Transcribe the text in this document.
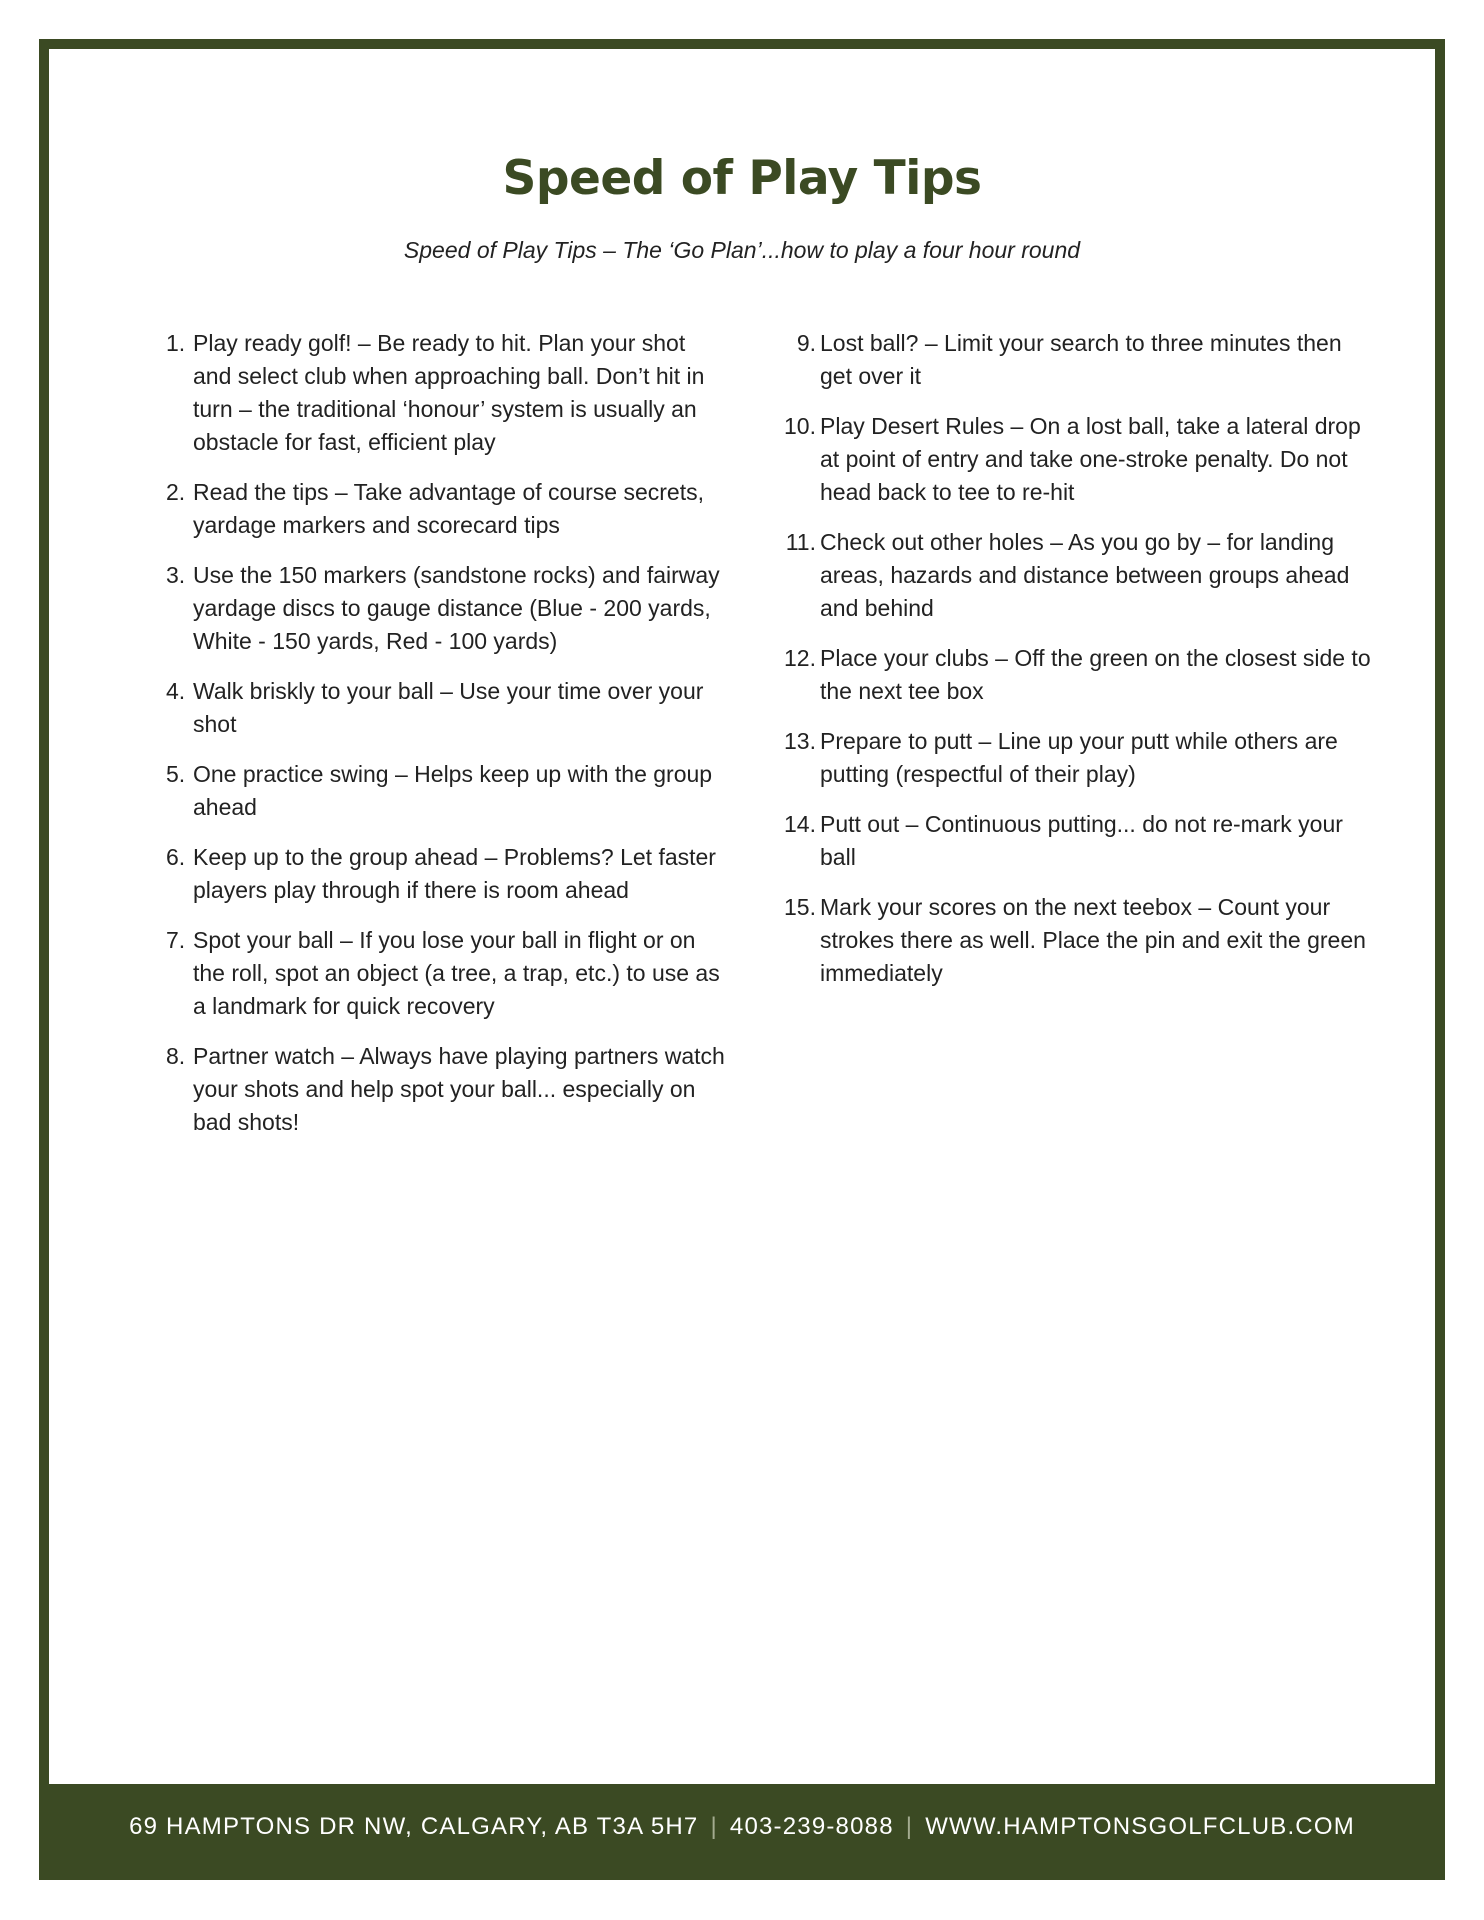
Speed of Play Tips

Speed of Play Tips – The ‘Go Plan’...how to play a four hour round

1. Play ready golf! – Be ready to hit. Plan your shot and select club when approaching ball. Don’t hit in turn – the traditional ‘honour’ system is usually an obstacle for fast, efficient play
2. Read the tips – Take advantage of course secrets, yardage markers and scorecard tips
3. Use the 150 markers (sandstone rocks) and fairway yardage discs to gauge distance (Blue - 200 yards, White - 150 yards, Red - 100 yards)
4. Walk briskly to your ball – Use your time over your shot
5. One practice swing – Helps keep up with the group ahead
6. Keep up to the group ahead – Problems? Let faster players play through if there is room ahead
7. Spot your ball – If you lose your ball in flight or on the roll, spot an object (a tree, a trap, etc.) to use as a landmark for quick recovery
8. Partner watch – Always have playing partners watch your shots and help spot your ball... especially on bad shots!
9. Lost ball? – Limit your search to three minutes then get over it
10. Play Desert Rules – On a lost ball, take a lateral drop at point of entry and take one-stroke penalty. Do not head back to tee to re-hit
11. Check out other holes – As you go by – for landing areas, hazards and distance between groups ahead and behind
12. Place your clubs – Off the green on the closest side to the next tee box
13. Prepare to putt – Line up your putt while others are putting (respectful of their play)
14. Putt out – Continuous putting... do not re-mark your ball
15. Mark your scores on the next teebox – Count your strokes there as well. Place the pin and exit the green immediately
69 HAMPTONS DR NW, CALGARY, AB T3A 5H7 | 403-239-8088 | WWW.HAMPTONSGOLFCLUB.COM
